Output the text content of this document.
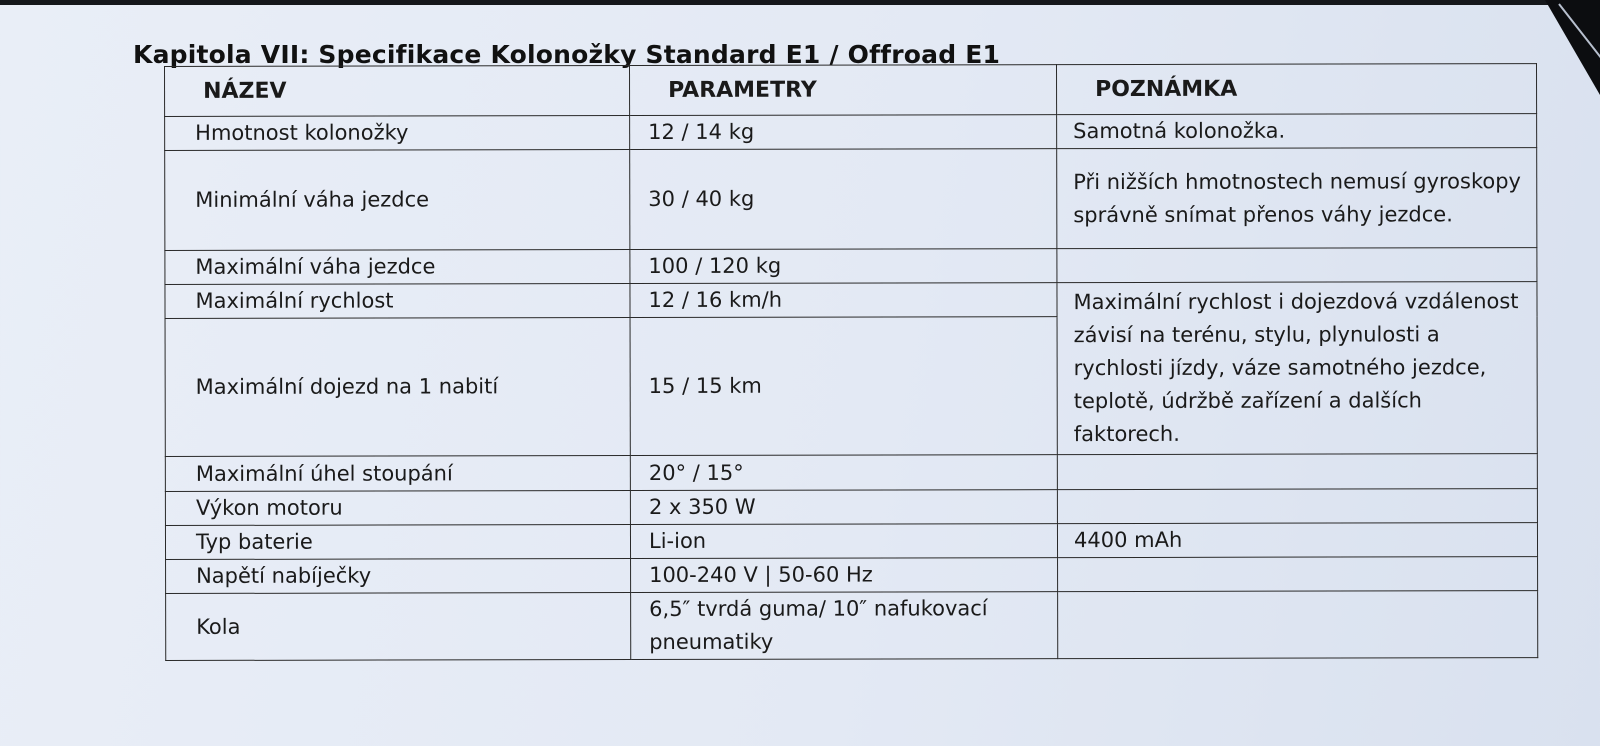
Kapitola VII: Specifikace Kolonožky Standard E1 / Offroad E1
NÁZEV	PARAMETRY	POZNÁMKA
Hmotnost kolonožky	12 / 14 kg	Samotná kolonožka.
Minimální váha jezdce	30 / 40 kg	Při nižších hmotnostech nemusí gyroskopy správně snímat přenos váhy jezdce.
Maximální váha jezdce	100 / 120 kg	
Maximální rychlost	12 / 16 km/h	Maximální rychlost i dojezdová vzdálenost závisí na terénu, stylu, plynulosti a rychlosti jízdy, váze samotného jezdce, teplotě, údržbě zařízení a dalších faktorech.
Maximální dojezd na 1 nabití	15 / 15 km	
Maximální úhel stoupání	20° / 15°	
Výkon motoru	2 x 350 W	
Typ baterie	Li-ion	4400 mAh
Napětí nabíječky	100-240 V | 50-60 Hz	
Kola	6,5″ tvrdá guma/ 10″ nafukovací pneumatiky	
